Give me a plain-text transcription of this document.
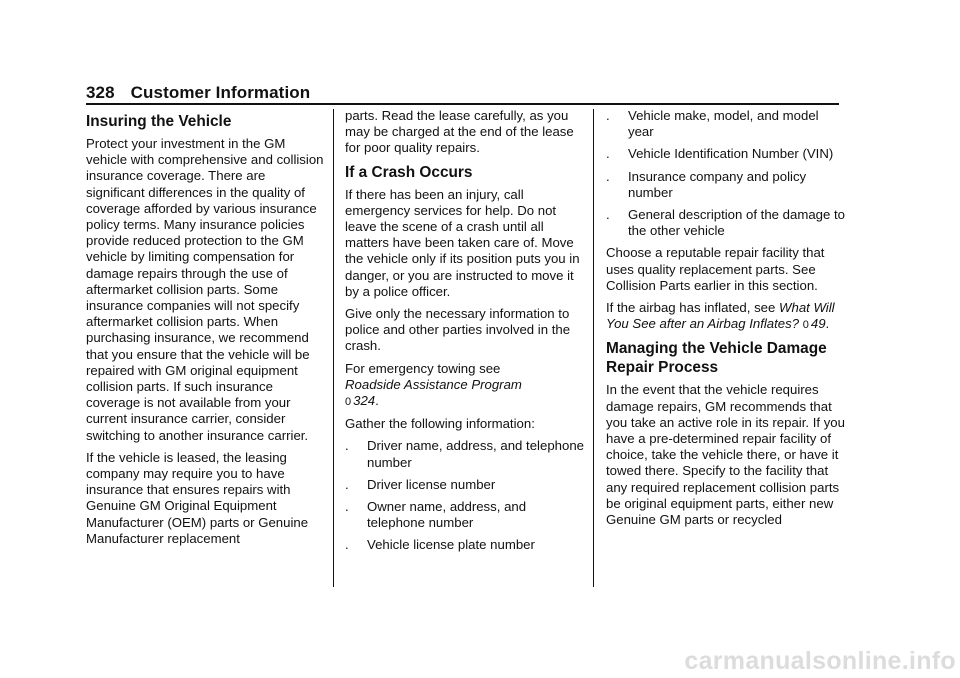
328 Customer Information
Insuring the Vehicle

Protect your investment in the GM vehicle with comprehensive and collision insurance coverage. There are significant differences in the quality of coverage afforded by various insurance policy terms. Many insurance policies provide reduced protection to the GM vehicle by limiting compensation for damage repairs through the use of aftermarket collision parts. Some insurance companies will not specify aftermarket collision parts. When purchasing insurance, we recommend that you ensure that the vehicle will be repaired with GM original equipment collision parts. If such insurance coverage is not available from your current insurance carrier, consider switching to another insurance carrier.

If the vehicle is leased, the leasing company may require you to have insurance that ensures repairs with Genuine GM Original Equipment Manufacturer (OEM) parts or Genuine Manufacturer replacement

parts. Read the lease carefully, as you may be charged at the end of the lease for poor quality repairs.

If a Crash Occurs

If there has been an injury, call emergency services for help. Do not leave the scene of a crash until all matters have been taken care of. Move the vehicle only if its position puts you in danger, or you are instructed to move it by a police officer.

Give only the necessary information to police and other parties involved in the crash.

For emergency towing see
Roadside Assistance Program
0 324.

Gather the following information:

. Driver name, address, and telephone number
. Driver license number
. Owner name, address, and telephone number
. Vehicle license plate number
. Vehicle make, model, and model year
. Vehicle Identification Number (VIN)
. Insurance company and policy number
. General description of the damage to the other vehicle

Choose a reputable repair facility that uses quality replacement parts. See Collision Parts earlier in this section.

If the airbag has inflated, see What Will You See after an Airbag Inflates? 0 49.

Managing the Vehicle Damage Repair Process

In the event that the vehicle requires damage repairs, GM recommends that you take an active role in its repair. If you have a pre-determined repair facility of choice, take the vehicle there, or have it towed there. Specify to the facility that any required replacement collision parts be original equipment parts, either new Genuine GM parts or recycled

carmanualsonline.info
